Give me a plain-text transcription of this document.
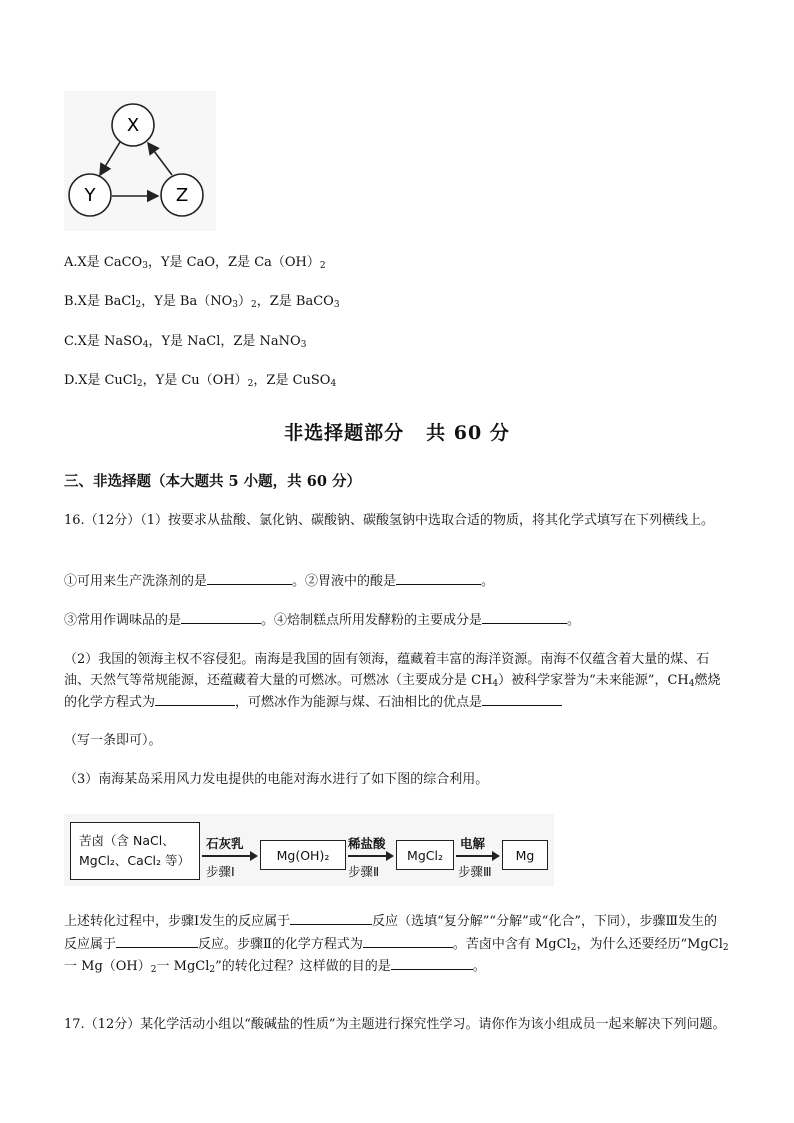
X
Y	Z
A.X是 CaCO$_3$，Y是 CaO，Z是 $Ca(OH)_2$
B.X是 BaCl$_2$，Y是 $Ba(NO_3)_2$，Z是 BaCO$_3$
C.X是 NaSO$_4$，Y是 NaCl，Z是 NaNO$_3$
D.X是 CuCl$_2$，Y是 $Cu(OH)_2$，Z是 CuSO$_4$
非选择题部分 共 60 分
三、非选择题（本大题共 5 小题，共 60 分）
16.（12分）（1）按要求从盐酸、氯化钠、碳酸钠、碳酸氢钠中选取合适的物质，将其化学式填写在下列横线上。
①可用来生产洗涤剂的是	。②胃液中的酸是	。
③常用作调味品的是	。④焙制糕点所用发酵粉的主要成分是	。
（2）我国的领海主权不容侵犯。南海是我国的固有领海，蕴藏着丰富的海洋资源。南海不仅蕴含着大量的煤、石油、天然气等常规能源，还蕴藏着大量的可燃冰。可燃冰（主要成分是 $CH_4$）被科学家誉为“未来能源”，$CH_4$燃烧的化学方程式为	，可燃冰作为能源与煤、石油相比的优点是
（写一条即可）。
（3）南海某岛采用风力发电提供的电能对海水进行了如下图的综合利用。
苦卤（含 NaCl、
MgCl₂、CaCl₂ 等）
石灰乳
步骤Ⅰ
Mg(OH)₂
稀盐酸
步骤Ⅱ
MgCl₂
电解
步骤Ⅲ
Mg
上述转化过程中，步骤Ⅰ发生的反应属于	反应（选填“复分解”“分解”或“化合”，下同），步骤Ⅲ发生的反应属于	反应。步骤Ⅱ的化学方程式为	。苦卤中含有 MgCl$_2$，为什么还要经历“MgCl$_2$一 $Mg(OH)_2$一 MgCl$_2$”的转化过程？这样做的目的是	。
17.（12分）某化学活动小组以“酸碱盐的性质”为主题进行探究性学习。请你作为该小组成员一起来解决下列问题。
